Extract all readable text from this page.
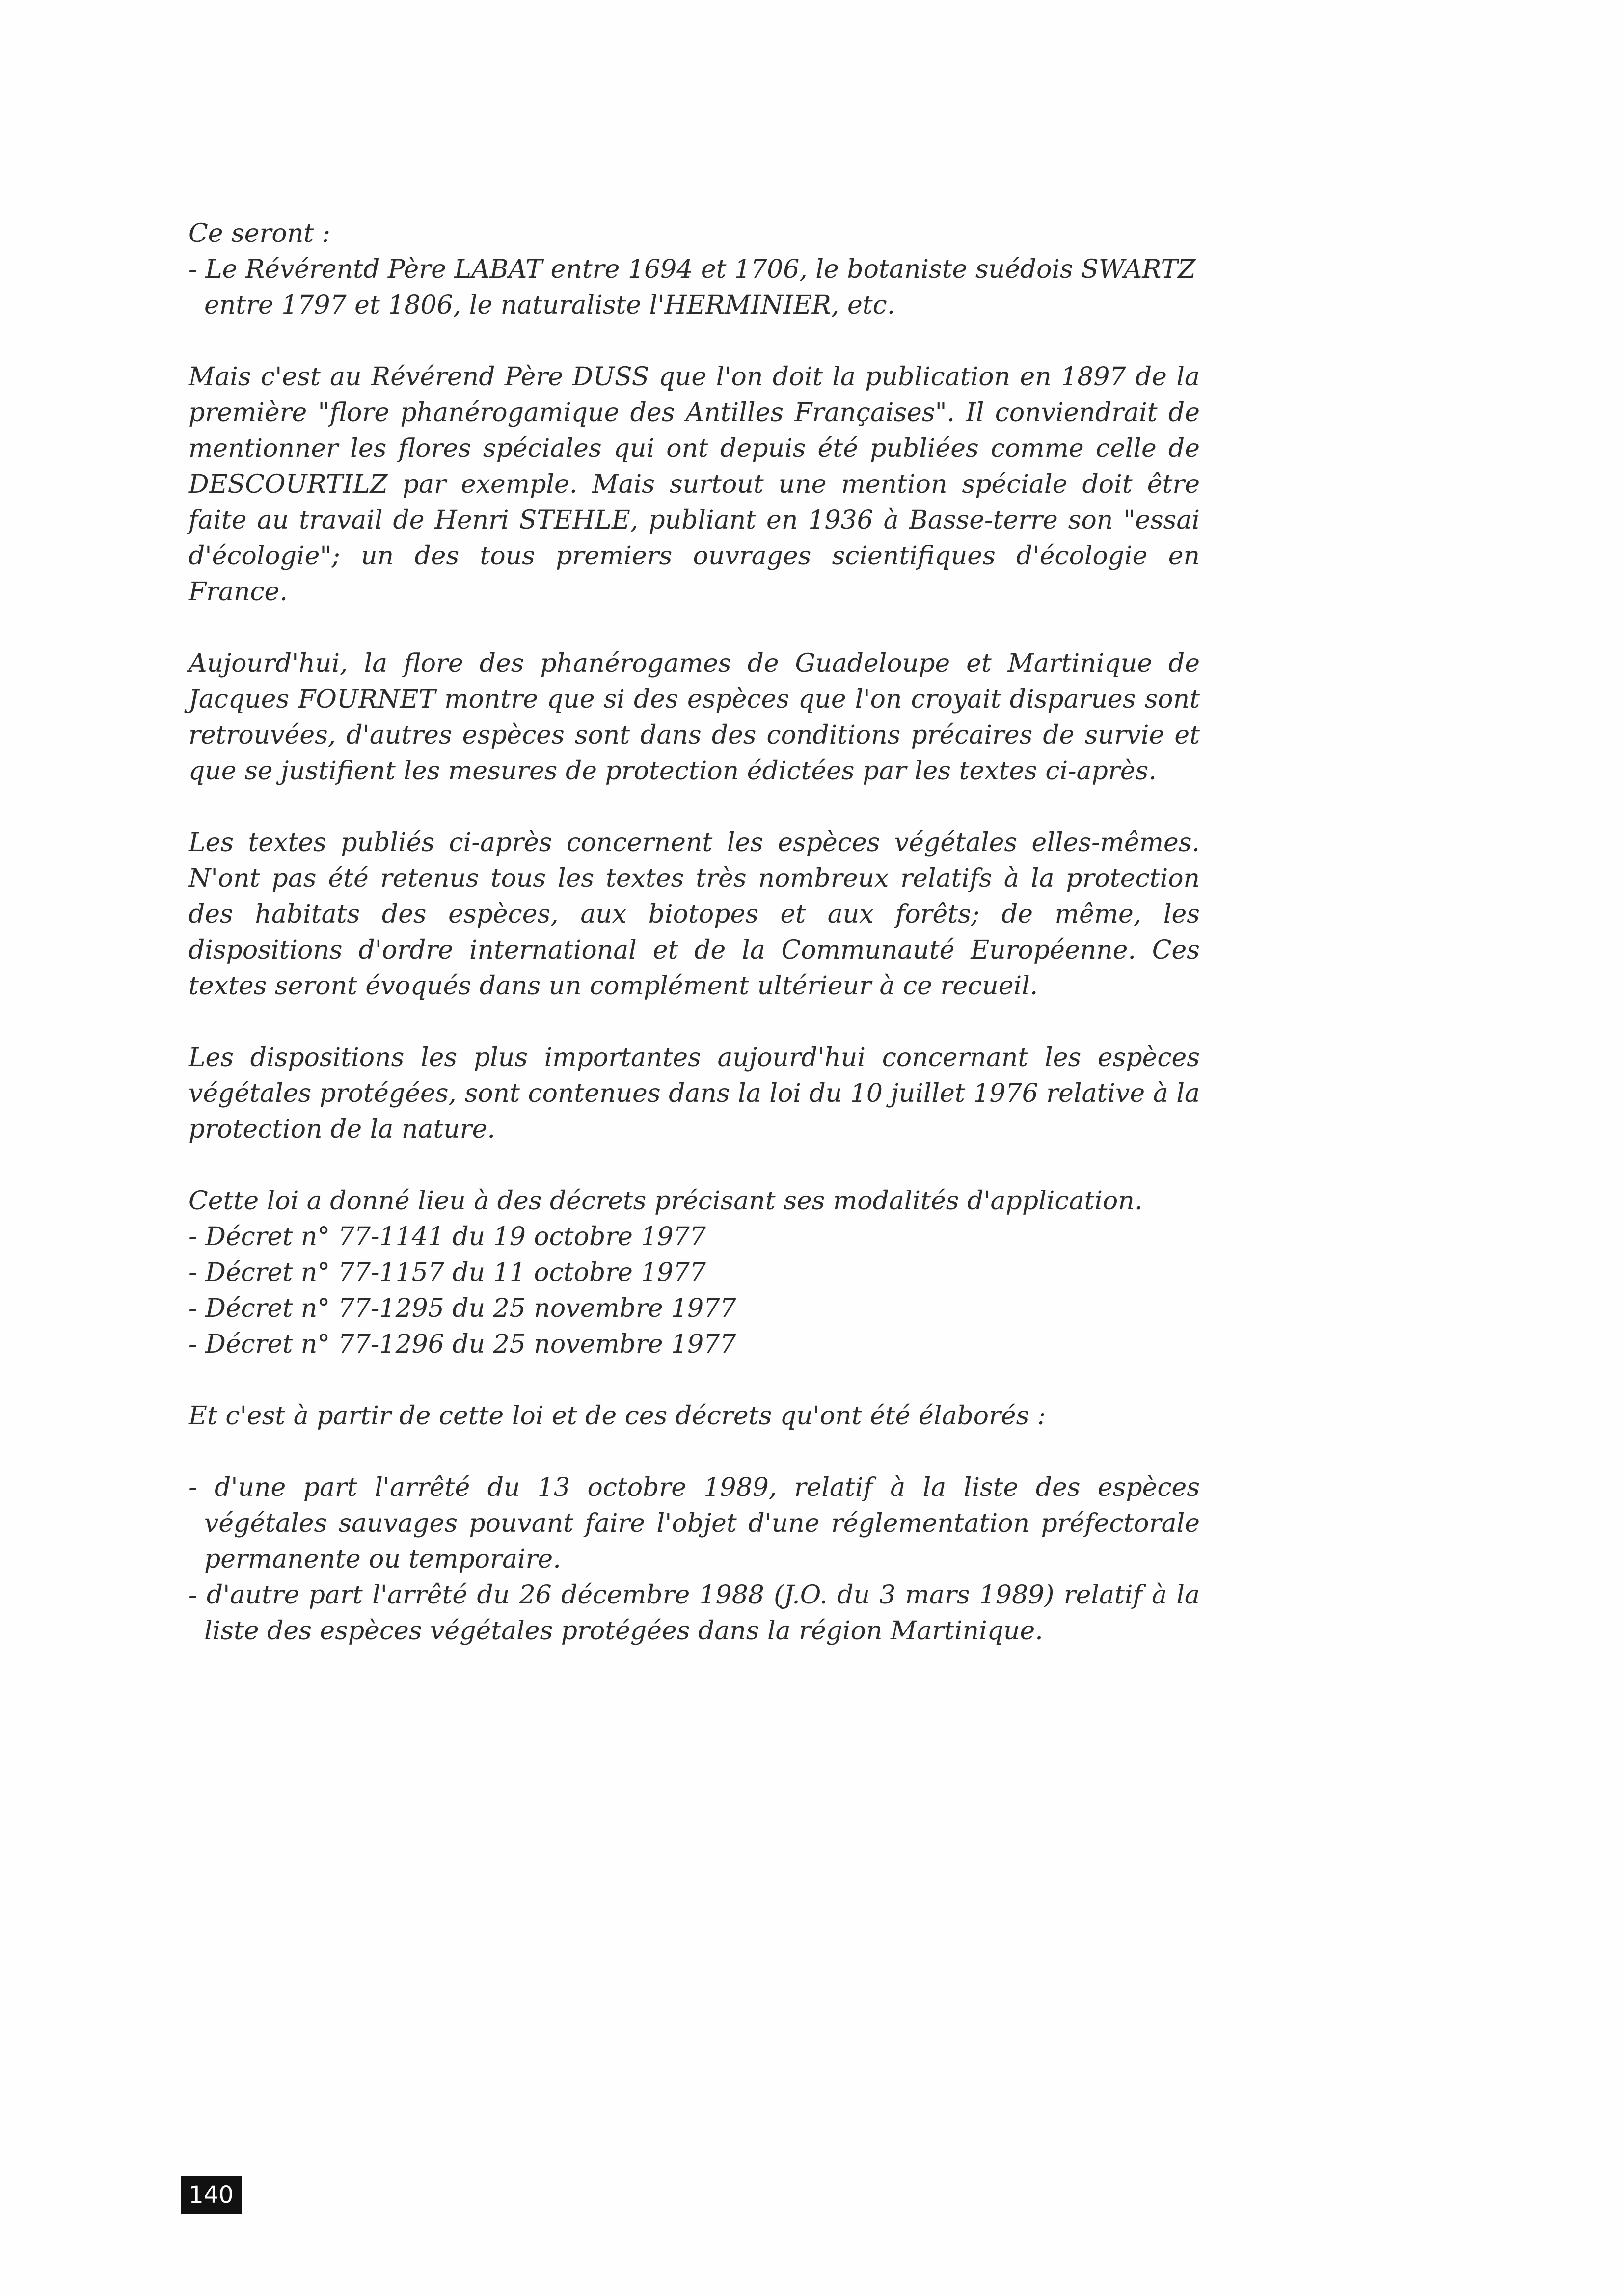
Ce seront :

- Le Révérentd Père LABAT entre 1694 et 1706, le botaniste suédois SWARTZ entre 1797 et 1806, le naturaliste l'HERMINIER, etc.

Mais c'est au Révérend Père DUSS que l'on doit la publication en 1897 de la première "flore phanérogamique des Antilles Françaises". Il conviendrait de mentionner les flores spéciales qui ont depuis été publiées comme celle de DESCOURTILZ par exemple. Mais surtout une mention spéciale doit être faite au travail de Henri STEHLE, publiant en 1936 à Basse-terre son "essai d'écologie"; un des tous premiers ouvrages scientifiques d'écologie en France.

Aujourd'hui, la flore des phanérogames de Guadeloupe et Martinique de Jacques FOURNET montre que si des espèces que l'on croyait disparues sont retrouvées, d'autres espèces sont dans des conditions précaires de survie et que se justifient les mesures de protection édictées par les textes ci-après.

Les textes publiés ci-après concernent les espèces végétales elles-mêmes. N'ont pas été retenus tous les textes très nombreux relatifs à la protection des habitats des espèces, aux biotopes et aux forêts; de même, les dispositions d'ordre international et de la Communauté Européenne. Ces textes seront évoqués dans un complément ultérieur à ce recueil.

Les dispositions les plus importantes aujourd'hui concernant les espèces végétales protégées, sont contenues dans la loi du 10 juillet 1976 relative à la protection de la nature.

Cette loi a donné lieu à des décrets précisant ses modalités d'application.

- Décret n° 77-1141 du 19 octobre 1977

- Décret n° 77-1157 du 11 octobre 1977

- Décret n° 77-1295 du 25 novembre 1977

- Décret n° 77-1296 du 25 novembre 1977

Et c'est à partir de cette loi et de ces décrets qu'ont été élaborés :

- d'une part l'arrêté du 13 octobre 1989, relatif à la liste des espèces végétales sauvages pouvant faire l'objet d'une réglementation préfectorale permanente ou temporaire.

- d'autre part l'arrêté du 26 décembre 1988 (J.O. du 3 mars 1989) relatif à la liste des espèces végétales protégées dans la région Martinique.

140
